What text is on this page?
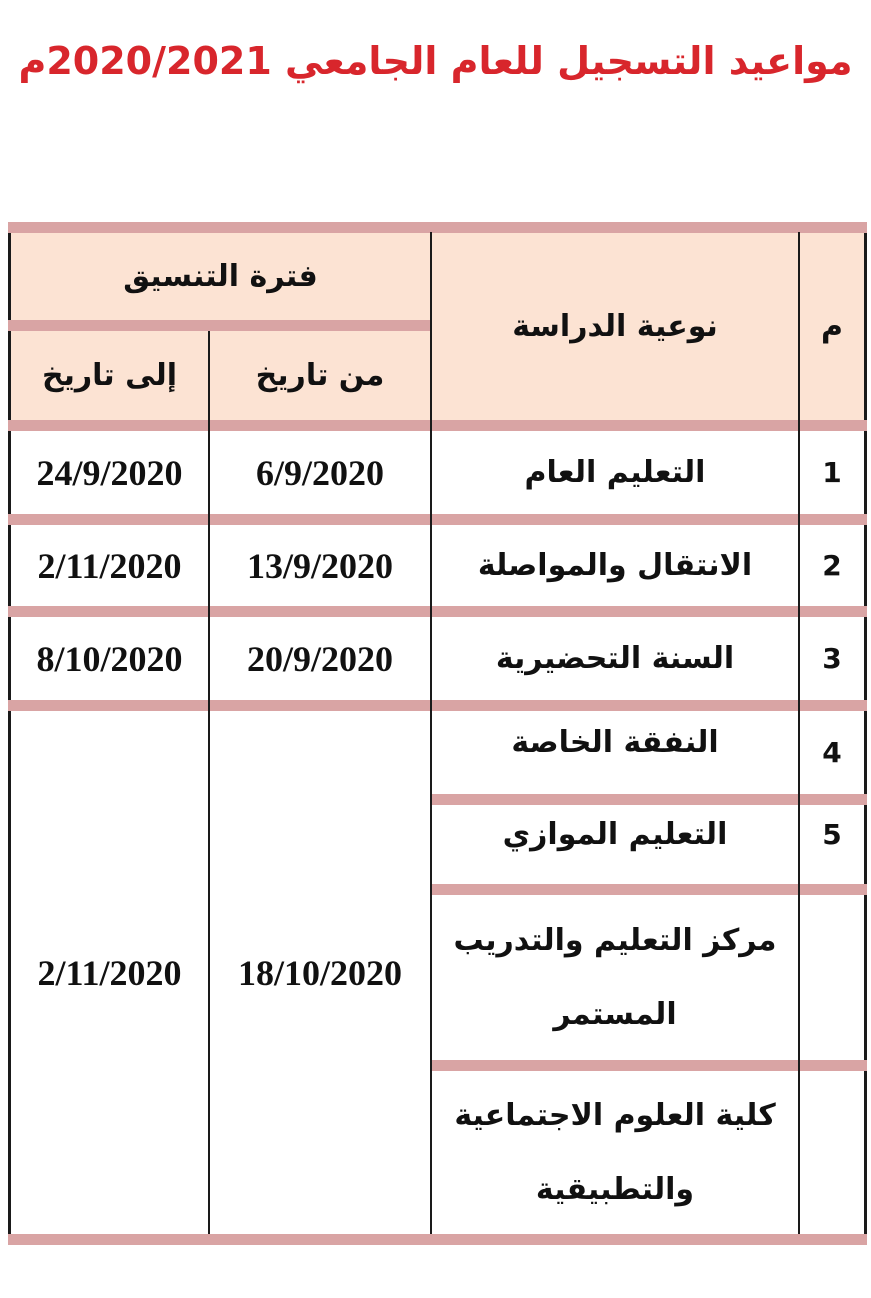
مواعيد التسجيل للعام الجامعي 2020/2021م
م
نوعية الدراسة
فترة التنسيق
من تاريخ
إلى تاريخ
1
التعليم العام
6/9/2020
24/9/2020
2
الانتقال والمواصلة
13/9/2020
2/11/2020
3
السنة التحضيرية
20/9/2020
8/10/2020
4
النفقة الخاصة
5
التعليم الموازي
مركز التعليم والتدريب المستمر
كلية العلوم الاجتماعية والتطبيقية
18/10/2020
2/11/2020
